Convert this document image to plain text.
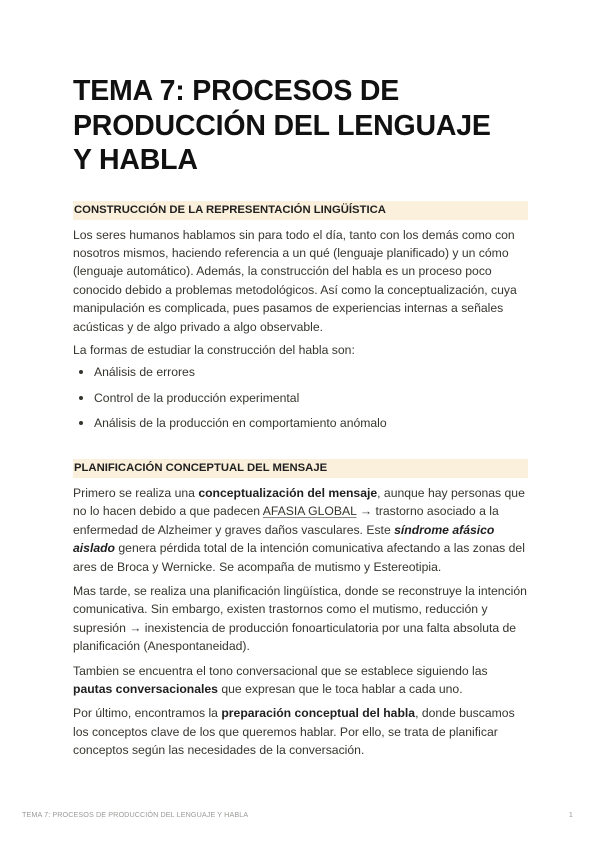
TEMA 7: PROCESOS DE
PRODUCCIÓN DEL LENGUAJE
Y HABLA
CONSTRUCCIÓN DE LA REPRESENTACIÓN LINGÜÍSTICA

Los seres humanos hablamos sin para todo el día, tanto con los demás como con nosotros mismos, haciendo referencia a un qué (lenguaje planificado) y un cómo (lenguaje automático). Además, la construcción del habla es un proceso poco conocido debido a problemas metodológicos. Así como la conceptualización, cuya manipulación es complicada, pues pasamos de experiencias internas a señales acústicas y de algo privado a algo observable.

La formas de estudiar la construcción del habla son:

Análisis de errores
Control de la producción experimental
Análisis de la producción en comportamiento anómalo
PLANIFICACIÓN CONCEPTUAL DEL MENSAJE

Primero se realiza una conceptualización del mensaje, aunque hay personas que no lo hacen debido a que padecen AFASIA GLOBAL → trastorno asociado a la enfermedad de Alzheimer y graves daños vasculares. Este síndrome afásico aislado genera pérdida total de la intención comunicativa afectando a las zonas del ares de Broca y Wernicke. Se acompaña de mutismo y Estereotipia.

Mas tarde, se realiza una planificación lingüística, donde se reconstruye la intención comunicativa. Sin embargo, existen trastornos como el mutismo, reducción y supresión → inexistencia de producción fonoarticulatoria por una falta absoluta de planificación (Anespontaneidad).

Tambien se encuentra el tono conversacional que se establece siguiendo las pautas conversacionales que expresan que le toca hablar a cada uno.

Por último, encontramos la preparación conceptual del habla, donde buscamos los conceptos clave de los que queremos hablar. Por ello, se trata de planificar conceptos según las necesidades de la conversación.

TEMA 7: PROCESOS DE PRODUCCIÓN DEL LENGUAJE Y HABLA	1
